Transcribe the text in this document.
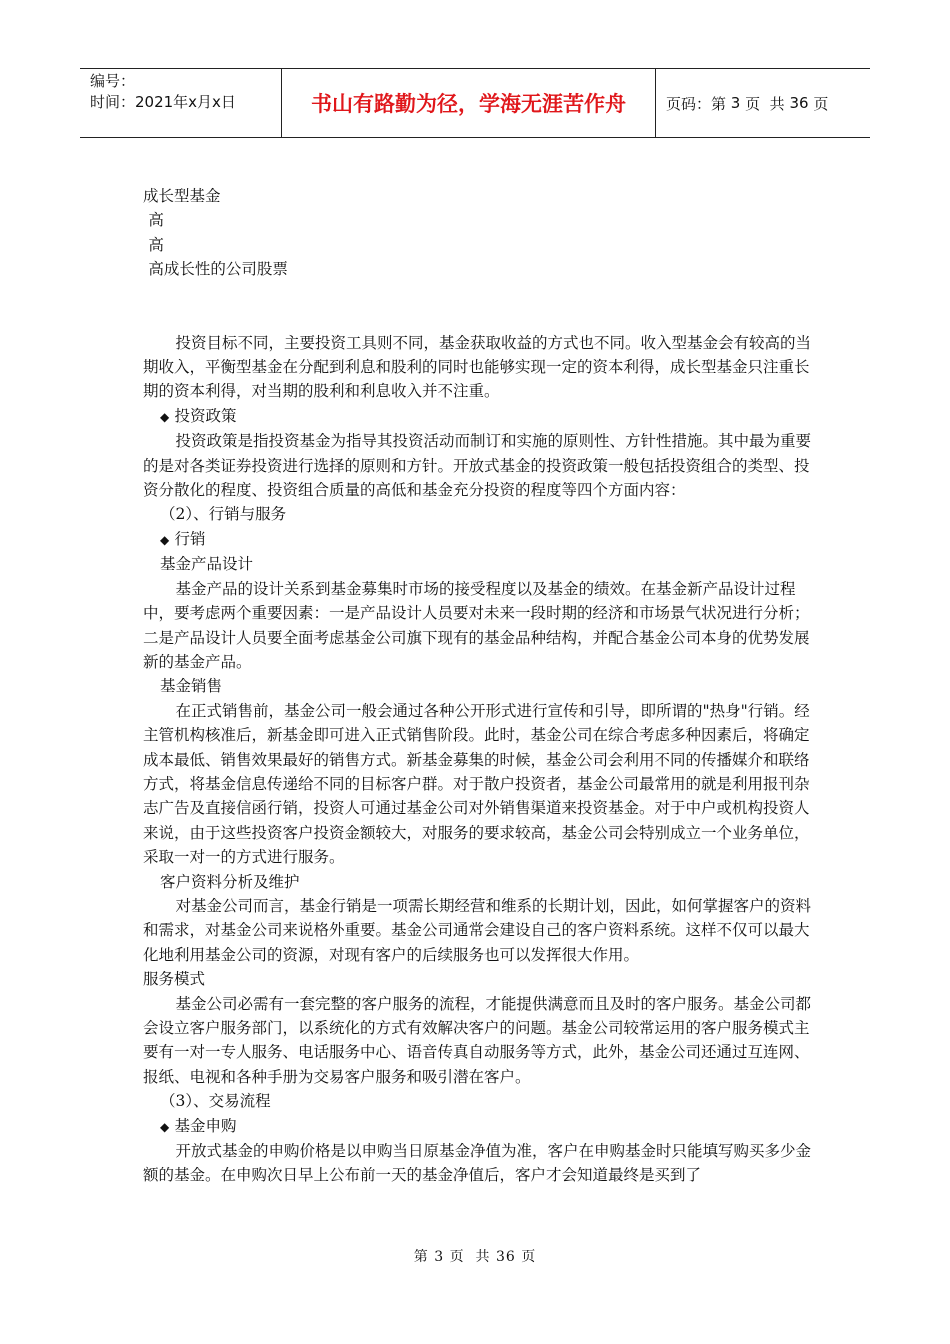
编号：
时间：2021年x月x日	书山有路勤为径，学海无涯苦作舟	页码：第
3
页  共
36
页

成长型基金

高

高

高成长性的公司股票

投资目标不同，主要投资工具则不同，基金获取收益的方式也不同。收入型基金会有较高的当期收入，平衡型基金在分配到利息和股利的同时也能够实现一定的资本利得，成长型基金只注重长期的资本利得，对当期的股利和利息收入并不注重。

◆ 投资政策

投资政策是指投资基金为指导其投资活动而制订和实施的原则性、方针性措施。其中最为重要的是对各类证券投资进行选择的原则和方针。开放式基金的投资政策一般包括投资组合的类型、投资分散化的程度、投资组合质量的高低和基金充分投资的程度等四个方面内容：

（2）、行销与服务

◆ 行销

基金产品设计

基金产品的设计关系到基金募集时市场的接受程度以及基金的绩效。在基金新产品设计过程中，要考虑两个重要因素：一是产品设计人员要对未来一段时期的经济和市场景气状况进行分析；二是产品设计人员要全面考虑基金公司旗下现有的基金品种结构，并配合基金公司本身的优势发展新的基金产品。

基金销售

在正式销售前，基金公司一般会通过各种公开形式进行宣传和引导，即所谓的"热身"行销。经主管机构核准后，新基金即可进入正式销售阶段。此时，基金公司在综合考虑多种因素后，将确定成本最低、销售效果最好的销售方式。新基金募集的时候，基金公司会利用不同的传播媒介和联络方式，将基金信息传递给不同的目标客户群。对于散户投资者，基金公司最常用的就是利用报刊杂志广告及直接信函行销，投资人可通过基金公司对外销售渠道来投资基金。对于中户或机构投资人来说，由于这些投资客户投资金额较大，对服务的要求较高，基金公司会特别成立一个业务单位，采取一对一的方式进行服务。

客户资料分析及维护

对基金公司而言，基金行销是一项需长期经营和维系的长期计划，因此，如何掌握客户的资料和需求，对基金公司来说格外重要。基金公司通常会建设自己的客户资料系统。这样不仅可以最大化地利用基金公司的资源，对现有客户的后续服务也可以发挥很大作用。

服务模式

基金公司必需有一套完整的客户服务的流程，才能提供满意而且及时的客户服务。基金公司都会设立客户服务部门，以系统化的方式有效解决客户的问题。基金公司较常运用的客户服务模式主要有一对一专人服务、电话服务中心、语音传真自动服务等方式，此外，基金公司还通过互连网、报纸、电视和各种手册为交易客户服务和吸引潜在客户。

（3）、交易流程

◆ 基金申购

开放式基金的申购价格是以申购当日原基金净值为准，客户在申购基金时只能填写购买多少金额的基金。在申购次日早上公布前一天的基金净值后，客户才会知道最终是买到了

第 3 页  共 36 页
